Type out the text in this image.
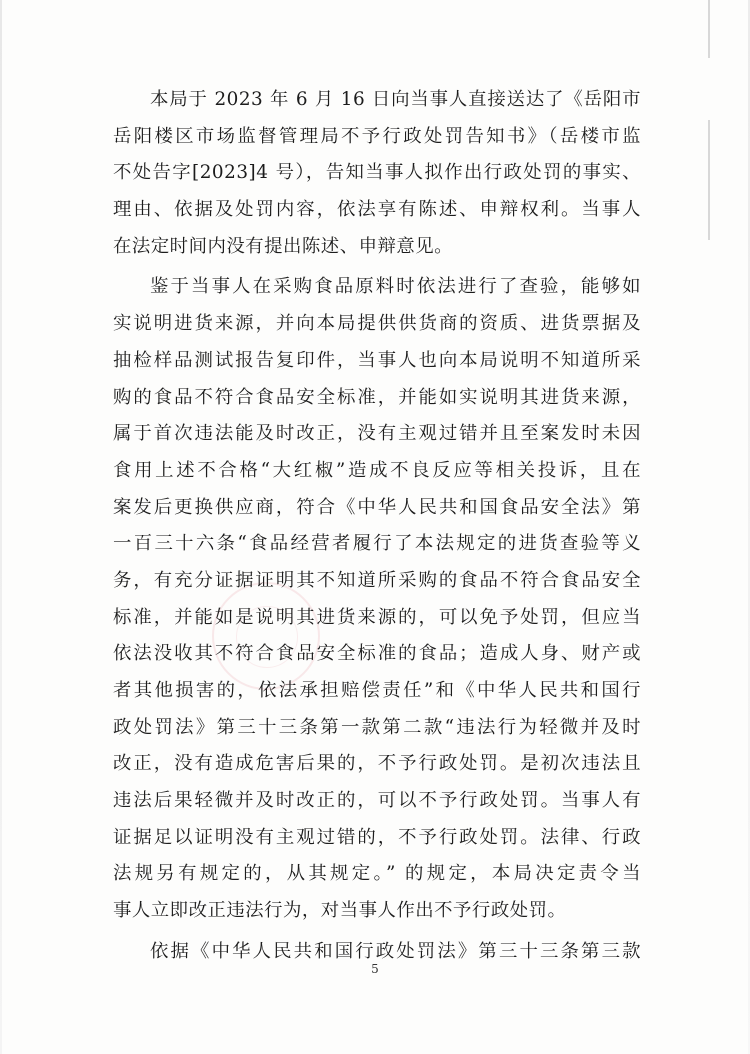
本局于 2023 年 6 月 16 日向当事人直接送达了《岳阳市
岳阳楼区市场监督管理局不予行政处罚告知书》（岳楼市监
不处告字[2023]4 号），告知当事人拟作出行政处罚的事实、
理由、依据及处罚内容，依法享有陈述、申辩权利。当事人
在法定时间内没有提出陈述、申辩意见。
鉴于当事人在采购食品原料时依法进行了查验，能够如
实说明进货来源，并向本局提供供货商的资质、进货票据及
抽检样品测试报告复印件，当事人也向本局说明不知道所采
购的食品不符合食品安全标准，并能如实说明其进货来源，
属于首次违法能及时改正，没有主观过错并且至案发时未因
食用上述不合格“大红椒”造成不良反应等相关投诉，且在
案发后更换供应商，符合《中华人民共和国食品安全法》第
一百三十六条“食品经营者履行了本法规定的进货查验等义
务，有充分证据证明其不知道所采购的食品不符合食品安全
标准，并能如是说明其进货来源的，可以免予处罚，但应当
依法没收其不符合食品安全标准的食品；造成人身、财产或
者其他损害的，依法承担赔偿责任”和《中华人民共和国行
政处罚法》第三十三条第一款第二款“违法行为轻微并及时
改正，没有造成危害后果的，不予行政处罚。是初次违法且
违法后果轻微并及时改正的，可以不予行政处罚。当事人有
证据足以证明没有主观过错的，不予行政处罚。法律、行政
法规另有规定的，从其规定。” 的规定，本局决定责令当
事人立即改正违法行为，对当事人作出不予行政处罚。
依据《中华人民共和国行政处罚法》第三十三条第三款
5
